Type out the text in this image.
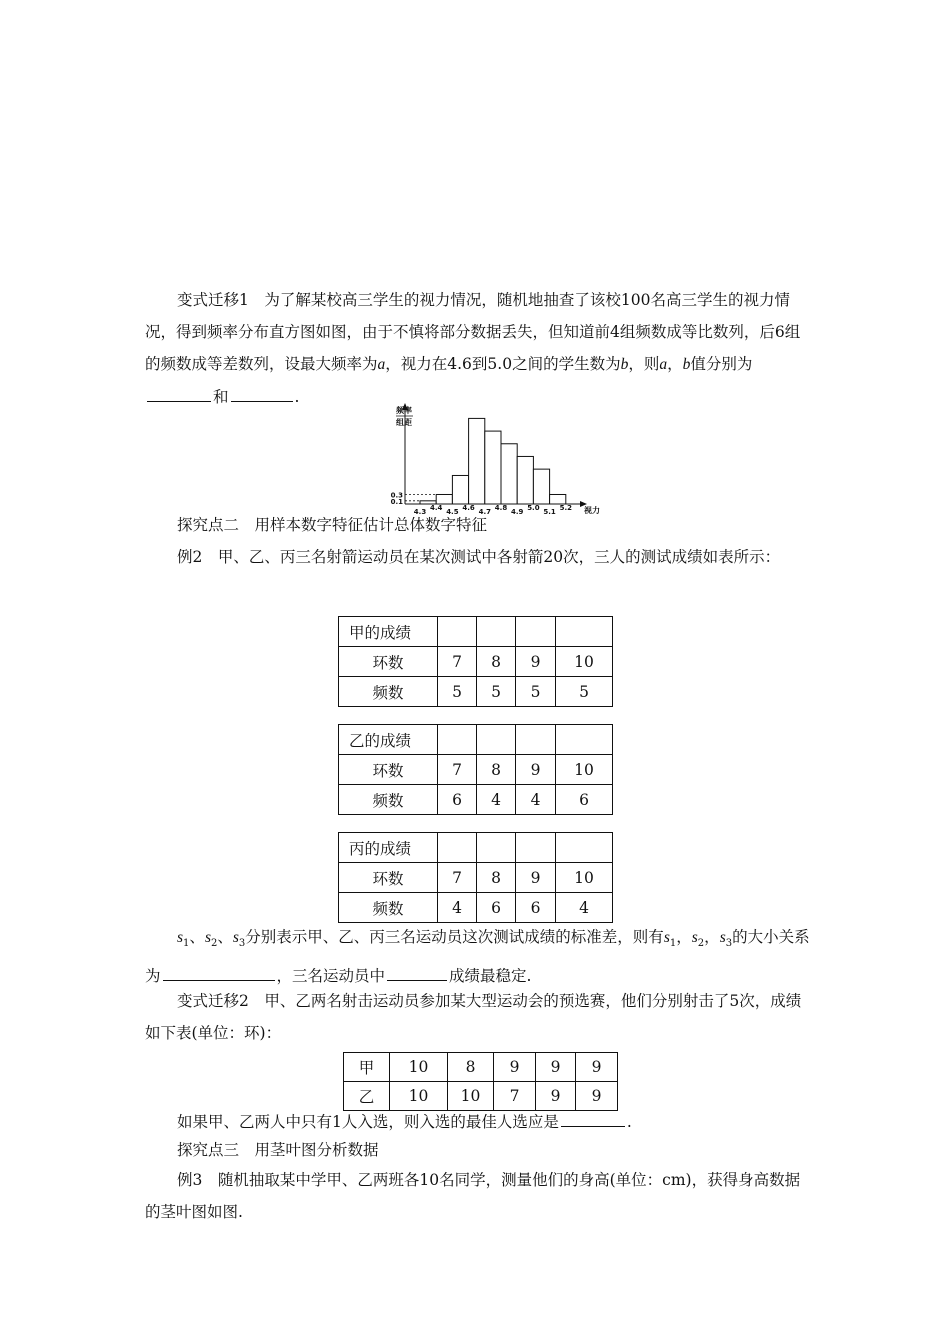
变式迁移1　 为了解某校高三学生的视力情况，随机地抽查了该校100名高三学生的视力情况，得到频率分布直方图如图，由于不慎将部分数据丢失，但知道前4组频数成等比数列，后6组的频数成等差数列，设最大频率为a，视力在4.6到5.0之间的学生数为b，则a，b值分别为和	.

频率
组距
4.3 4.4 4.5 4.6 4.7 4.8 4.9 5.0 5.1 5.2
0.1
0.3
视力

探究点二　用样本数字特征估计总体数字特征

例2　 甲、乙、丙三名射箭运动员在某次测试中各射箭20次，三人的测试成绩如表所示：

甲的成绩				
环数	7	8	9	10
频数	5	5	5	5
乙的成绩				
环数	7	8	9	10
频数	6	4	4	6
丙的成绩				
环数	7	8	9	10
频数	4	6	6	4

$s_1$、$s_2$、$s_3$分别表示甲、乙、丙三名运动员这次测试成绩的标准差，则有$s_1$，$s_2$，$s_3$的大小关系为	，三名运动员中	成绩最稳定.

变式迁移2　 甲、乙两名射击运动员参加某大型运动会的预选赛，他们分别射击了5次，成绩如下表(单位：环)：

甲	10	8	9	9	9
乙	10	10	7	9	9

如果甲、乙两人中只有1人入选，则入选的最佳人选应是	.

探究点三　用茎叶图分析数据

例3　 随机抽取某中学甲、乙两班各10名同学，测量他们的身高(单位：cm)，获得身高数据的茎叶图如图.
